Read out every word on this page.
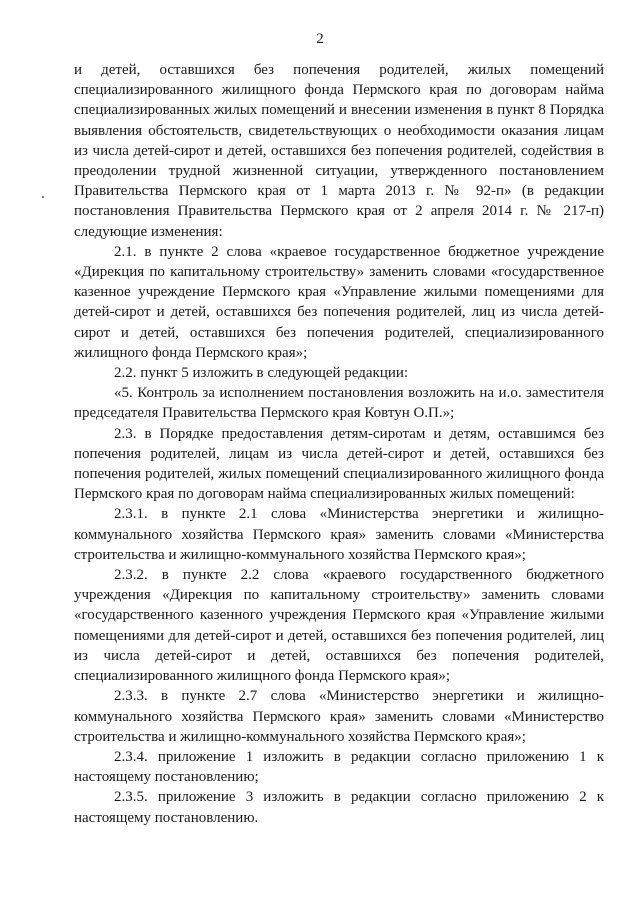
2

и детей, оставшихся без попечения родителей, жилых помещений специализированного жилищного фонда Пермского края по договорам найма специализированных жилых помещений и внесении изменения в пункт 8 Порядка выявления обстоятельств, свидетельствующих о необходимости оказания лицам из числа детей-сирот и детей, оставшихся без попечения родителей, содействия в преодолении трудной жизненной ситуации, утвержденного постановлением Правительства Пермского края от 1 марта 2013 г. № 92-п» (в редакции постановления Правительства Пермского края от 2 апреля 2014 г. № 217-п) следующие изменения:

2.1. в пункте 2 слова «краевое государственное бюджетное учреждение «Дирекция по капитальному строительству» заменить словами «государственное казенное учреждение Пермского края «Управление жилыми помещениями для детей-сирот и детей, оставшихся без попечения родителей, лиц из числа детей-сирот и детей, оставшихся без попечения родителей, специализированного жилищного фонда Пермского края»;

2.2. пункт 5 изложить в следующей редакции:

«5. Контроль за исполнением постановления возложить на и.о. заместителя председателя Правительства Пермского края Ковтун О.П.»;

2.3. в Порядке предоставления детям-сиротам и детям, оставшимся без попечения родителей, лицам из числа детей-сирот и детей, оставшихся без попечения родителей, жилых помещений специализированного жилищного фонда Пермского края по договорам найма специализированных жилых помещений:

2.3.1. в пункте 2.1 слова «Министерства энергетики и жилищно-коммунального хозяйства Пермского края» заменить словами «Министерства строительства и жилищно-коммунального хозяйства Пермского края»;

2.3.2. в пункте 2.2 слова «краевого государственного бюджетного учреждения «Дирекция по капитальному строительству» заменить словами «государственного казенного учреждения Пермского края «Управление жилыми помещениями для детей-сирот и детей, оставшихся без попечения родителей, лиц из числа детей-сирот и детей, оставшихся без попечения родителей, специализированного жилищного фонда Пермского края»;

2.3.3. в пункте 2.7 слова «Министерство энергетики и жилищно-коммунального хозяйства Пермского края» заменить словами «Министерство строительства и жилищно-коммунального хозяйства Пермского края»;

2.3.4. приложение 1 изложить в редакции согласно приложению 1 к настоящему постановлению;

2.3.5. приложение 3 изложить в редакции согласно приложению 2 к настоящему постановлению.
